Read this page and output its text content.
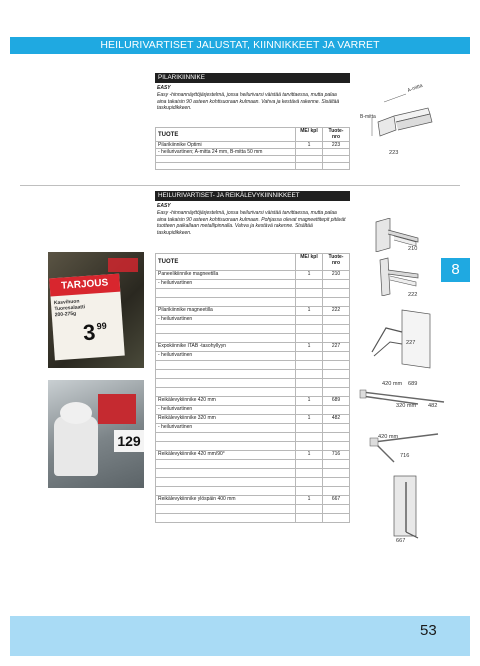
HEILURIVARTISET JALUSTAT, KIINNIKKEET JA VARRET
PILARIKIINNIKE
EASY
Easy -hinnannäyttöjärjestelmä, jossa heilurivarsi väistää tarvittaessa, mutta palaa aina takaisin 90 asteen kohtisuoraan kulmaan. Vahva ja kestävä rakenne. Sisältää taskupidikkeen.
TUOTE	ME/ kpl	Tuote- nro
Pilarikiinnike Optimi	1	223
- heilurivartinen; A-mitta 24 mm, B-mitta 50 mm		

A-mitta
B-mitta
223
HEILURIVARTISET- JA REIKÄLEVYKIINNIKKEET
EASY
Easy -hinnannäyttöjärjestelmä, jossa heilurivarsi väistää tarvittaessa, mutta palaa aina takaisin 90 asteen kohtisuoraan kulmaan. Pohjassa olevat magneettitepit pitävät tuotteen paikallaan metallipinnalla. Vahva ja kestävä rakenne. Sisältää taskupidikkeen.
TUOTE	ME/ kpl	Tuote- nro
Paneelikiinnike magneetilla	1	210
- heilurivartinen		

Pilarikiinnike magneetilla	1	222
- heilurivartinen		

Expokiinnike ITAB -tasohyllyyn	1	227
- heilurivartinen		

Reikälevykiinnike 420 mm	1	689
- heilurivartinen		
Reikälevykiinnike 320 mm	1	482
- heilurivartinen		

Reikälevykiinnike 420 mm/90°	1	716

Reikälevykiinnike ylöspäin 400 mm	1	667

TARJOUS
Kasvihuon
Tuoresalaatti
200-275g
3 99
129
210
222
227
420 mm 689
320 mm 482
420 mm
716
667
8
53
